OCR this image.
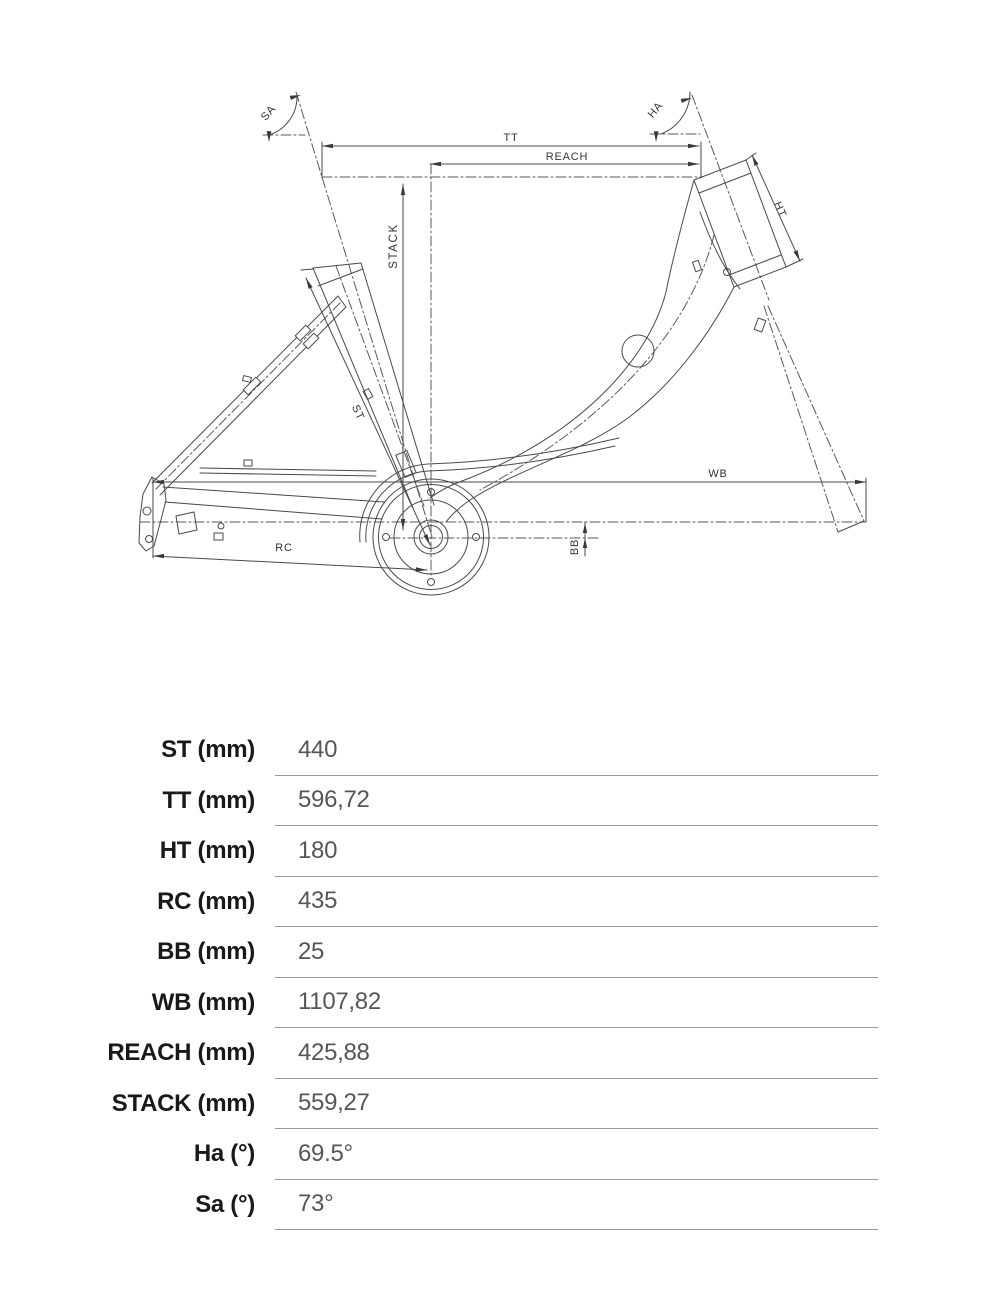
TT
REACH
STACK
HT
ST
WB
RC	BB
SA	HA
ST (mm)	440
TT (mm)	596,72
HT (mm)	180
RC (mm)	435
BB (mm)	25
WB (mm)	1107,82
REACH (mm)	425,88
STACK (mm)	559,27
Ha (°)	69.5°
Sa (°)	73°
